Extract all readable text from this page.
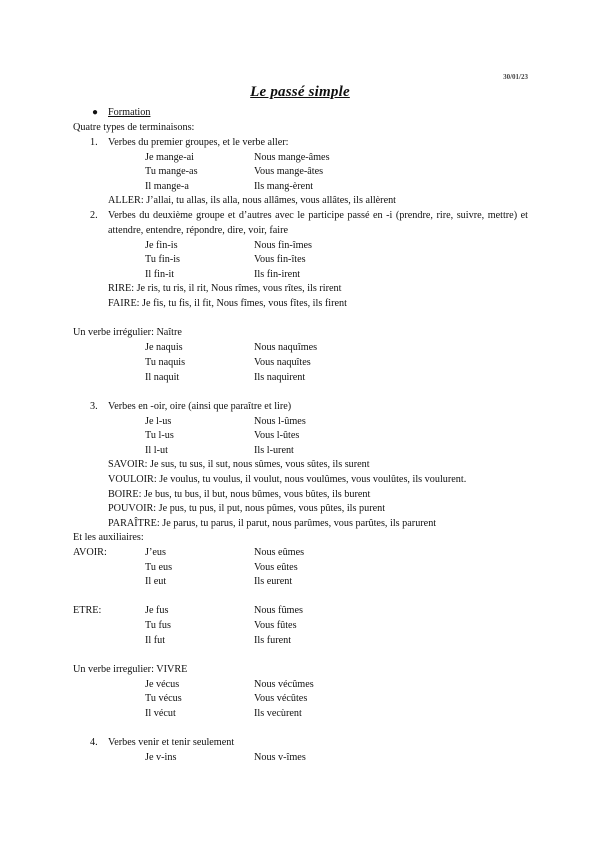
30/01/23
Le passé simple
● Formation
Quatre types de terminaisons:
1. Verbes du premier groupes, et le verbe aller:
Je mange-ai	Nous mange-âmes
Tu mange-as	Vous mange-âtes
Il mange-a	Ils mang-èrent
ALLER: J’allai, tu allas, ils alla, nous allâmes, vous allâtes, ils allèrent
2. Verbes du deuxième groupe et d’autres avec le participe passé en -i (prendre, rire, suivre, mettre) et attendre, entendre, répondre, dire, voir, faire
Je fin-is	Nous fin-îmes
Tu fin-is	Vous fin-îtes
Il fin-it	Ils fin-irent
RIRE: Je ris, tu ris, il rit, Nous rîmes, vous rîtes, ils rirent
FAIRE: Je fis, tu fis, il fit, Nous fîmes, vous fîtes, ils firent
Un verbe irrégulier: Naître
Je naquis	Nous naquîmes
Tu naquis	Vous naquîtes
Il naquit	Ils naquirent
3. Verbes en -oir, oire (ainsi que paraître et lire)
Je l-us	Nous l-ûmes
Tu l-us	Vous l-ûtes
Il l-ut	Ils l-urent
SAVOIR: Je sus, tu sus, il sut, nous sûmes, vous sûtes, ils surent
VOULOIR: Je voulus, tu voulus, il voulut, nous voulûmes, vous voulûtes, ils voulurent.
BOIRE: Je bus, tu bus, il but, nous bûmes, vous bûtes, ils burent
POUVOIR: Je pus, tu pus, il put, nous pûmes, vous pûtes, ils purent
PARAÎTRE: Je parus, tu parus, il parut, nous parûmes, vous parûtes, ils parurent
Et les auxiliaires:
AVOIR:	J’eus	Nous eûmes
Tu eus	Vous eûtes
Il eut	Ils eurent
ETRE:	Je fus	Nous fûmes
Tu fus	Vous fûtes
Il fut	Ils furent
Un verbe irregulier: VIVRE
Je vécus	Nous vécûmes
Tu vécus	Vous vécûtes
Il vécut	Ils vecùrent
4. Verbes venir et tenir seulement
Je v-ins	Nous v-îmes
